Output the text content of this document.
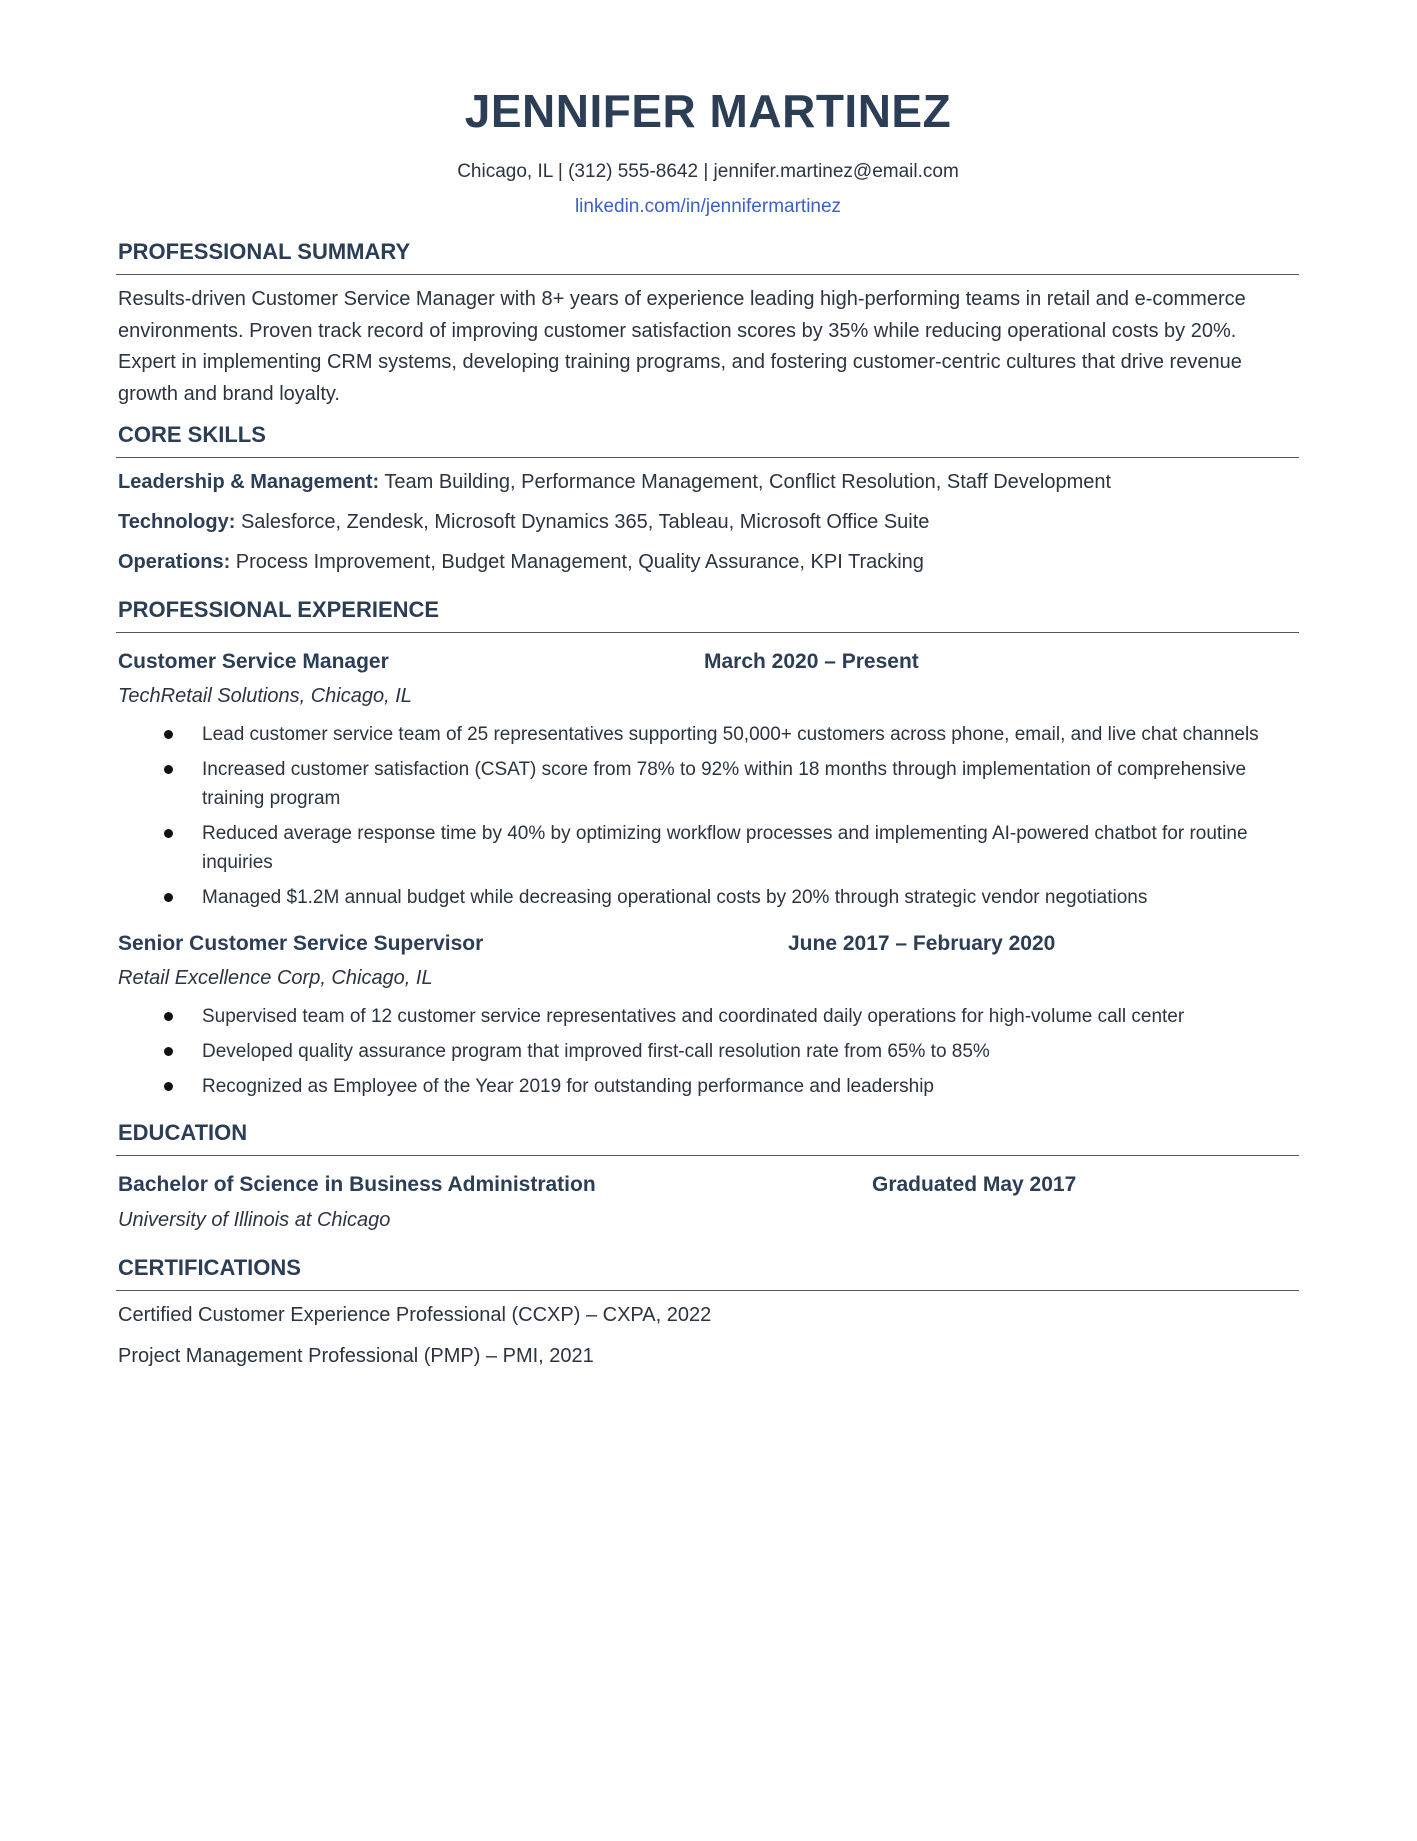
JENNIFER MARTINEZ
Chicago, IL | (312) 555-8642 | jennifer.martinez@email.com
linkedin.com/in/jennifermartinez
PROFESSIONAL SUMMARY
Results-driven Customer Service Manager with 8+ years of experience leading high-performing teams in retail and e-commerce environments. Proven track record of improving customer satisfaction scores by 35% while reducing operational costs by 20%. Expert in implementing CRM systems, developing training programs, and fostering customer-centric cultures that drive revenue growth and brand loyalty.
CORE SKILLS
Leadership & Management: Team Building, Performance Management, Conflict Resolution, Staff Development
Technology: Salesforce, Zendesk, Microsoft Dynamics 365, Tableau, Microsoft Office Suite
Operations: Process Improvement, Budget Management, Quality Assurance, KPI Tracking
PROFESSIONAL EXPERIENCE
Customer Service Manager	March 2020 – Present
TechRetail Solutions, Chicago, IL
Lead customer service team of 25 representatives supporting 50,000+ customers across phone, email, and live chat channels
Increased customer satisfaction (CSAT) score from 78% to 92% within 18 months through implementation of comprehensive training program
Reduced average response time by 40% by optimizing workflow processes and implementing AI-powered chatbot for routine inquiries
Managed $1.2M annual budget while decreasing operational costs by 20% through strategic vendor negotiations
Senior Customer Service Supervisor	June 2017 – February 2020
Retail Excellence Corp, Chicago, IL
Supervised team of 12 customer service representatives and coordinated daily operations for high-volume call center
Developed quality assurance program that improved first-call resolution rate from 65% to 85%
Recognized as Employee of the Year 2019 for outstanding performance and leadership
EDUCATION
Bachelor of Science in Business Administration	Graduated May 2017
University of Illinois at Chicago
CERTIFICATIONS
Certified Customer Experience Professional (CCXP) – CXPA, 2022
Project Management Professional (PMP) – PMI, 2021
